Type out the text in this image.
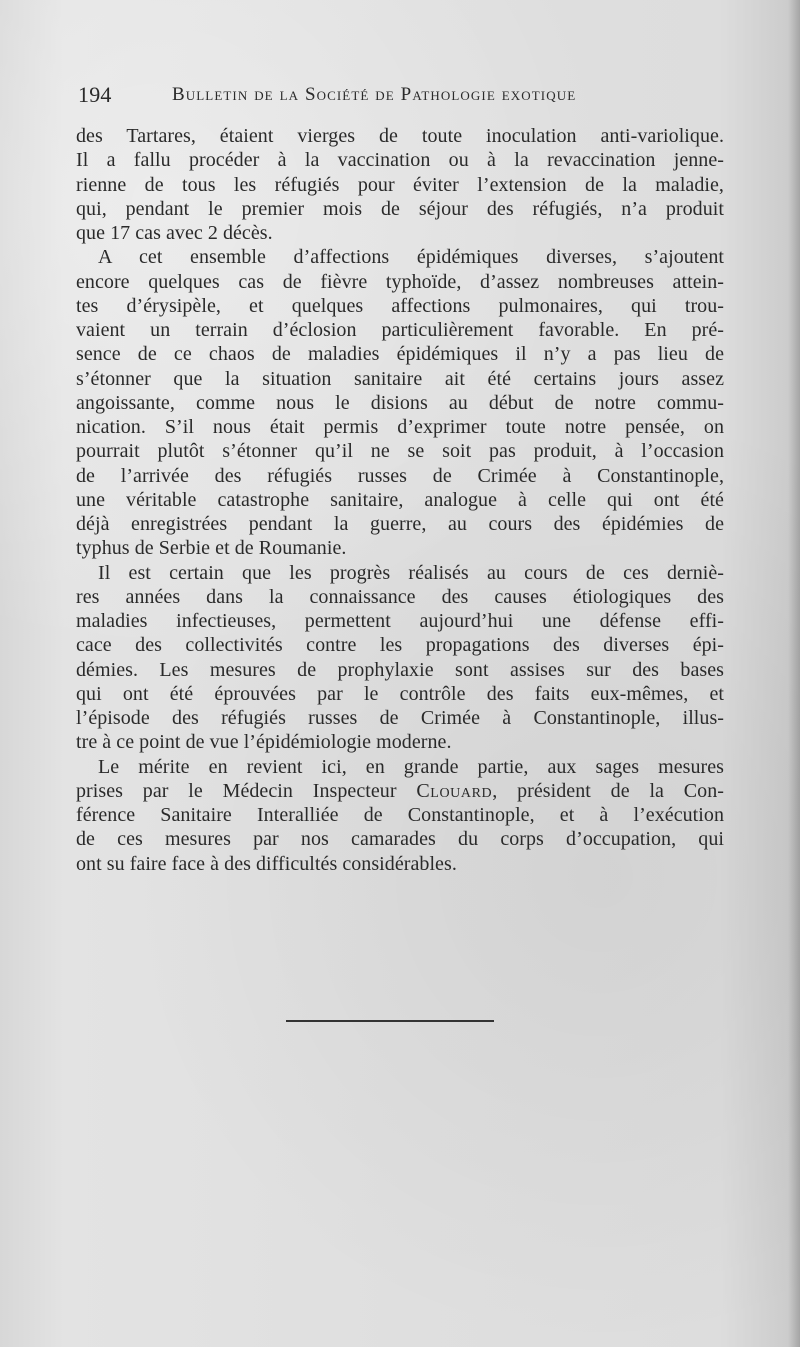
194	Bulletin de la Société de Pathologie exotique
des Tartares, étaient vierges de toute inoculation anti-variolique.
Il a fallu procéder à la vaccination ou à la revaccination jenne-
rienne de tous les réfugiés pour éviter l’extension de la maladie,
qui, pendant le premier mois de séjour des réfugiés, n’a produit
que 17 cas avec 2 décès.
A cet ensemble d’affections épidémiques diverses, s’ajoutent
encore quelques cas de fièvre typhoïde, d’assez nombreuses attein-
tes d’érysipèle, et quelques affections pulmonaires, qui trou-
vaient un terrain d’éclosion particulièrement favorable. En pré-
sence de ce chaos de maladies épidémiques il n’y a pas lieu de
s’étonner que la situation sanitaire ait été certains jours assez
angoissante, comme nous le disions au début de notre commu-
nication. S’il nous était permis d’exprimer toute notre pensée, on
pourrait plutôt s’étonner qu’il ne se soit pas produit, à l’occasion
de l’arrivée des réfugiés russes de Crimée à Constantinople,
une véritable catastrophe sanitaire, analogue à celle qui ont été
déjà enregistrées pendant la guerre, au cours des épidémies de
typhus de Serbie et de Roumanie.
Il est certain que les progrès réalisés au cours de ces derniè-
res années dans la connaissance des causes étiologiques des
maladies infectieuses, permettent aujourd’hui une défense effi-
cace des collectivités contre les propagations des diverses épi-
démies. Les mesures de prophylaxie sont assises sur des bases
qui ont été éprouvées par le contrôle des faits eux-mêmes, et
l’épisode des réfugiés russes de Crimée à Constantinople, illus-
tre à ce point de vue l’épidémiologie moderne.
Le mérite en revient ici, en grande partie, aux sages mesures
prises par le Médecin Inspecteur Clouard, président de la Con-
férence Sanitaire Interalliée de Constantinople, et à l’exécution
de ces mesures par nos camarades du corps d’occupation, qui
ont su faire face à des difficultés considérables.
